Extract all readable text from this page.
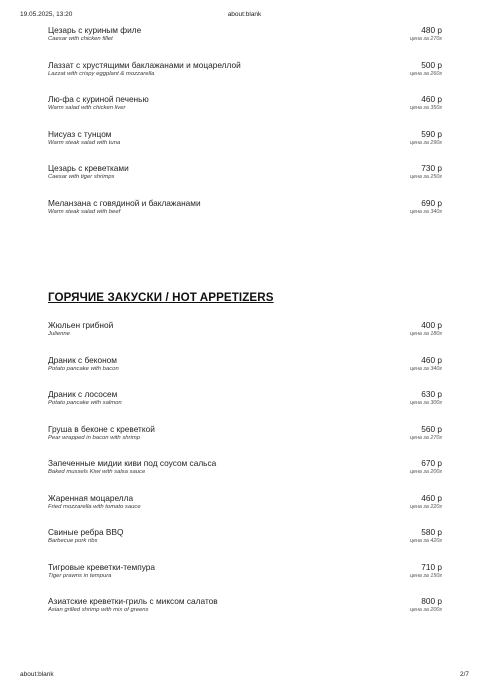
19.05.2025, 13:20	about:blank
Цезарь с куриным филе	480 р
Caesar with chicken fillet	цена за 270г
Лаззат с хрустящими баклажанами и моцареллой	500 р
Lazzat with crispy eggplant & mozzarella	цена за 260г
Лю-фа с куриной печенью	460 р
Warm salad with chicken liver	цена за 350г
Нисуаз с тунцом	590 р
Warm steak salad with tuna	цена за 290г
Цезарь с креветками	730 р
Caesar with tiger shrimps	цена за 250г
Меланзана с говядиной и баклажанами	690 р
Warm steak salad with beef	цена за 340г
ГОРЯЧИЕ ЗАКУСКИ / HOT APPETIZERS
Жюльен грибной	400 р
Julienne	цена за 180г
Драник с беконом	460 р
Potato pancake with bacon	цена за 340г
Драник с лососем	630 р
Potato pancake with salmon	цена за 300г
Груша в беконе с креветкой	560 р
Pear wrapped in bacon with shrimp	цена за 270г
Запеченные мидии киви под соусом сальса	670 р
Baked mussels Kiwi with salsa sauce	цена за 200г
Жаренная моцарелла	460 р
Fried mozzarella with tomato sauce	цена за 220г
Свиные ребра BBQ	580 р
Barbecue pork ribs	цена за 420г
Тигровые креветки-темпура	710 р
Tiger prawns in tempura	цена за 150г
Азиатские креветки-гриль с миксом салатов	800 р
Asian grilled shrimp with mix of greens	цена за 200г
about:blank	2/7
